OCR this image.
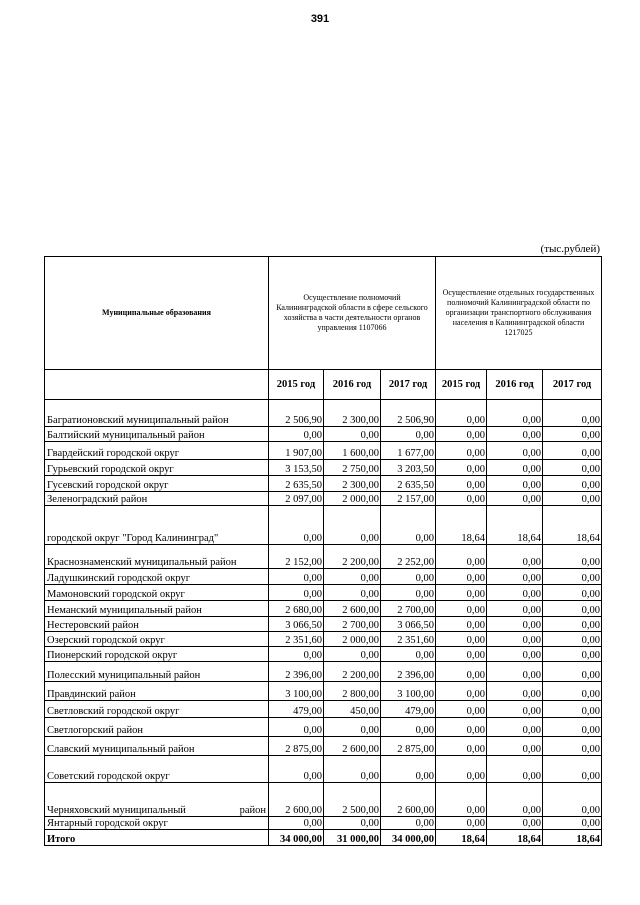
391
(тыс.рублей)
Муниципальные образования	Осуществление полномочий Калининградской области в сфере сельского хозяйства в части деятельности органов управления 1107066			Осуществление отдельных государственных полномочий Калининградской области по организации транспортного обслуживания населения в Калининградской области 1217025		
	2015 год	2016 год	2017 год	2015 год	2016 год	2017 год
Багратионовский муниципальный район	2 506,90	2 300,00	2 506,90	0,00	0,00	0,00
Балтийский муниципальный район	0,00	0,00	0,00	0,00	0,00	0,00
Гвардейский городской округ	1 907,00	1 600,00	1 677,00	0,00	0,00	0,00
Гурьевский городской округ	3 153,50	2 750,00	3 203,50	0,00	0,00	0,00
Гусевский городской округ	2 635,50	2 300,00	2 635,50	0,00	0,00	0,00
Зеленоградский район	2 097,00	2 000,00	2 157,00	0,00	0,00	0,00
городской округ "Город Калининград"	0,00	0,00	0,00	18,64	18,64	18,64
Краснознаменский муниципальный район	2 152,00	2 200,00	2 252,00	0,00	0,00	0,00
Ладушкинский городской округ	0,00	0,00	0,00	0,00	0,00	0,00
Мамоновский городской округ	0,00	0,00	0,00	0,00	0,00	0,00
Неманский муниципальный район	2 680,00	2 600,00	2 700,00	0,00	0,00	0,00
Нестеровский район	3 066,50	2 700,00	3 066,50	0,00	0,00	0,00
Озерский городской округ	2 351,60	2 000,00	2 351,60	0,00	0,00	0,00
Пионерский городской округ	0,00	0,00	0,00	0,00	0,00	0,00
Полесский муниципальный район	2 396,00	2 200,00	2 396,00	0,00	0,00	0,00
Правдинский район	3 100,00	2 800,00	3 100,00	0,00	0,00	0,00
Светловский городской округ	479,00	450,00	479,00	0,00	0,00	0,00
Светлогорский район	0,00	0,00	0,00	0,00	0,00	0,00
Славский муниципальный район	2 875,00	2 600,00	2 875,00	0,00	0,00	0,00
Советский городской округ	0,00	0,00	0,00	0,00	0,00	0,00

Черняховский муниципальный район	2 600,00	2 500,00	2 600,00	0,00	0,00	0,00
Янтарный городской округ	0,00	0,00	0,00	0,00	0,00	0,00
Итого	34 000,00	31 000,00	34 000,00	18,64	18,64	18,64
